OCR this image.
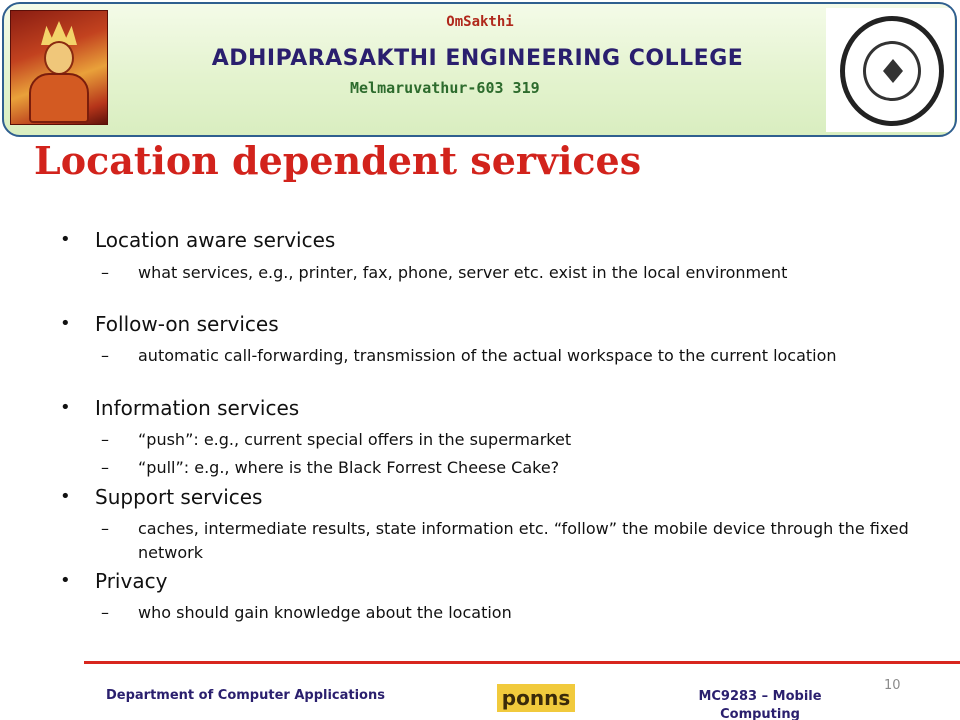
OmSakthi
ADHIPARASAKTHI ENGINEERING COLLEGE
Melmaruvathur-603 319
Location dependent services
• Location aware services
– what services, e.g., printer, fax, phone, server etc. exist in the local environment
• Follow-on services
– automatic call-forwarding, transmission of the actual workspace to the current location
• Information services
– “push”: e.g., current special offers in the supermarket
– “pull”: e.g., where is the Black Forrest Cheese Cake?
• Support services
– caches, intermediate results, state information etc. “follow” the mobile device through the fixed network
• Privacy
– who should gain knowledge about the location
Department of Computer Applications	ponns	MC9283 – Mobile Computing
10
